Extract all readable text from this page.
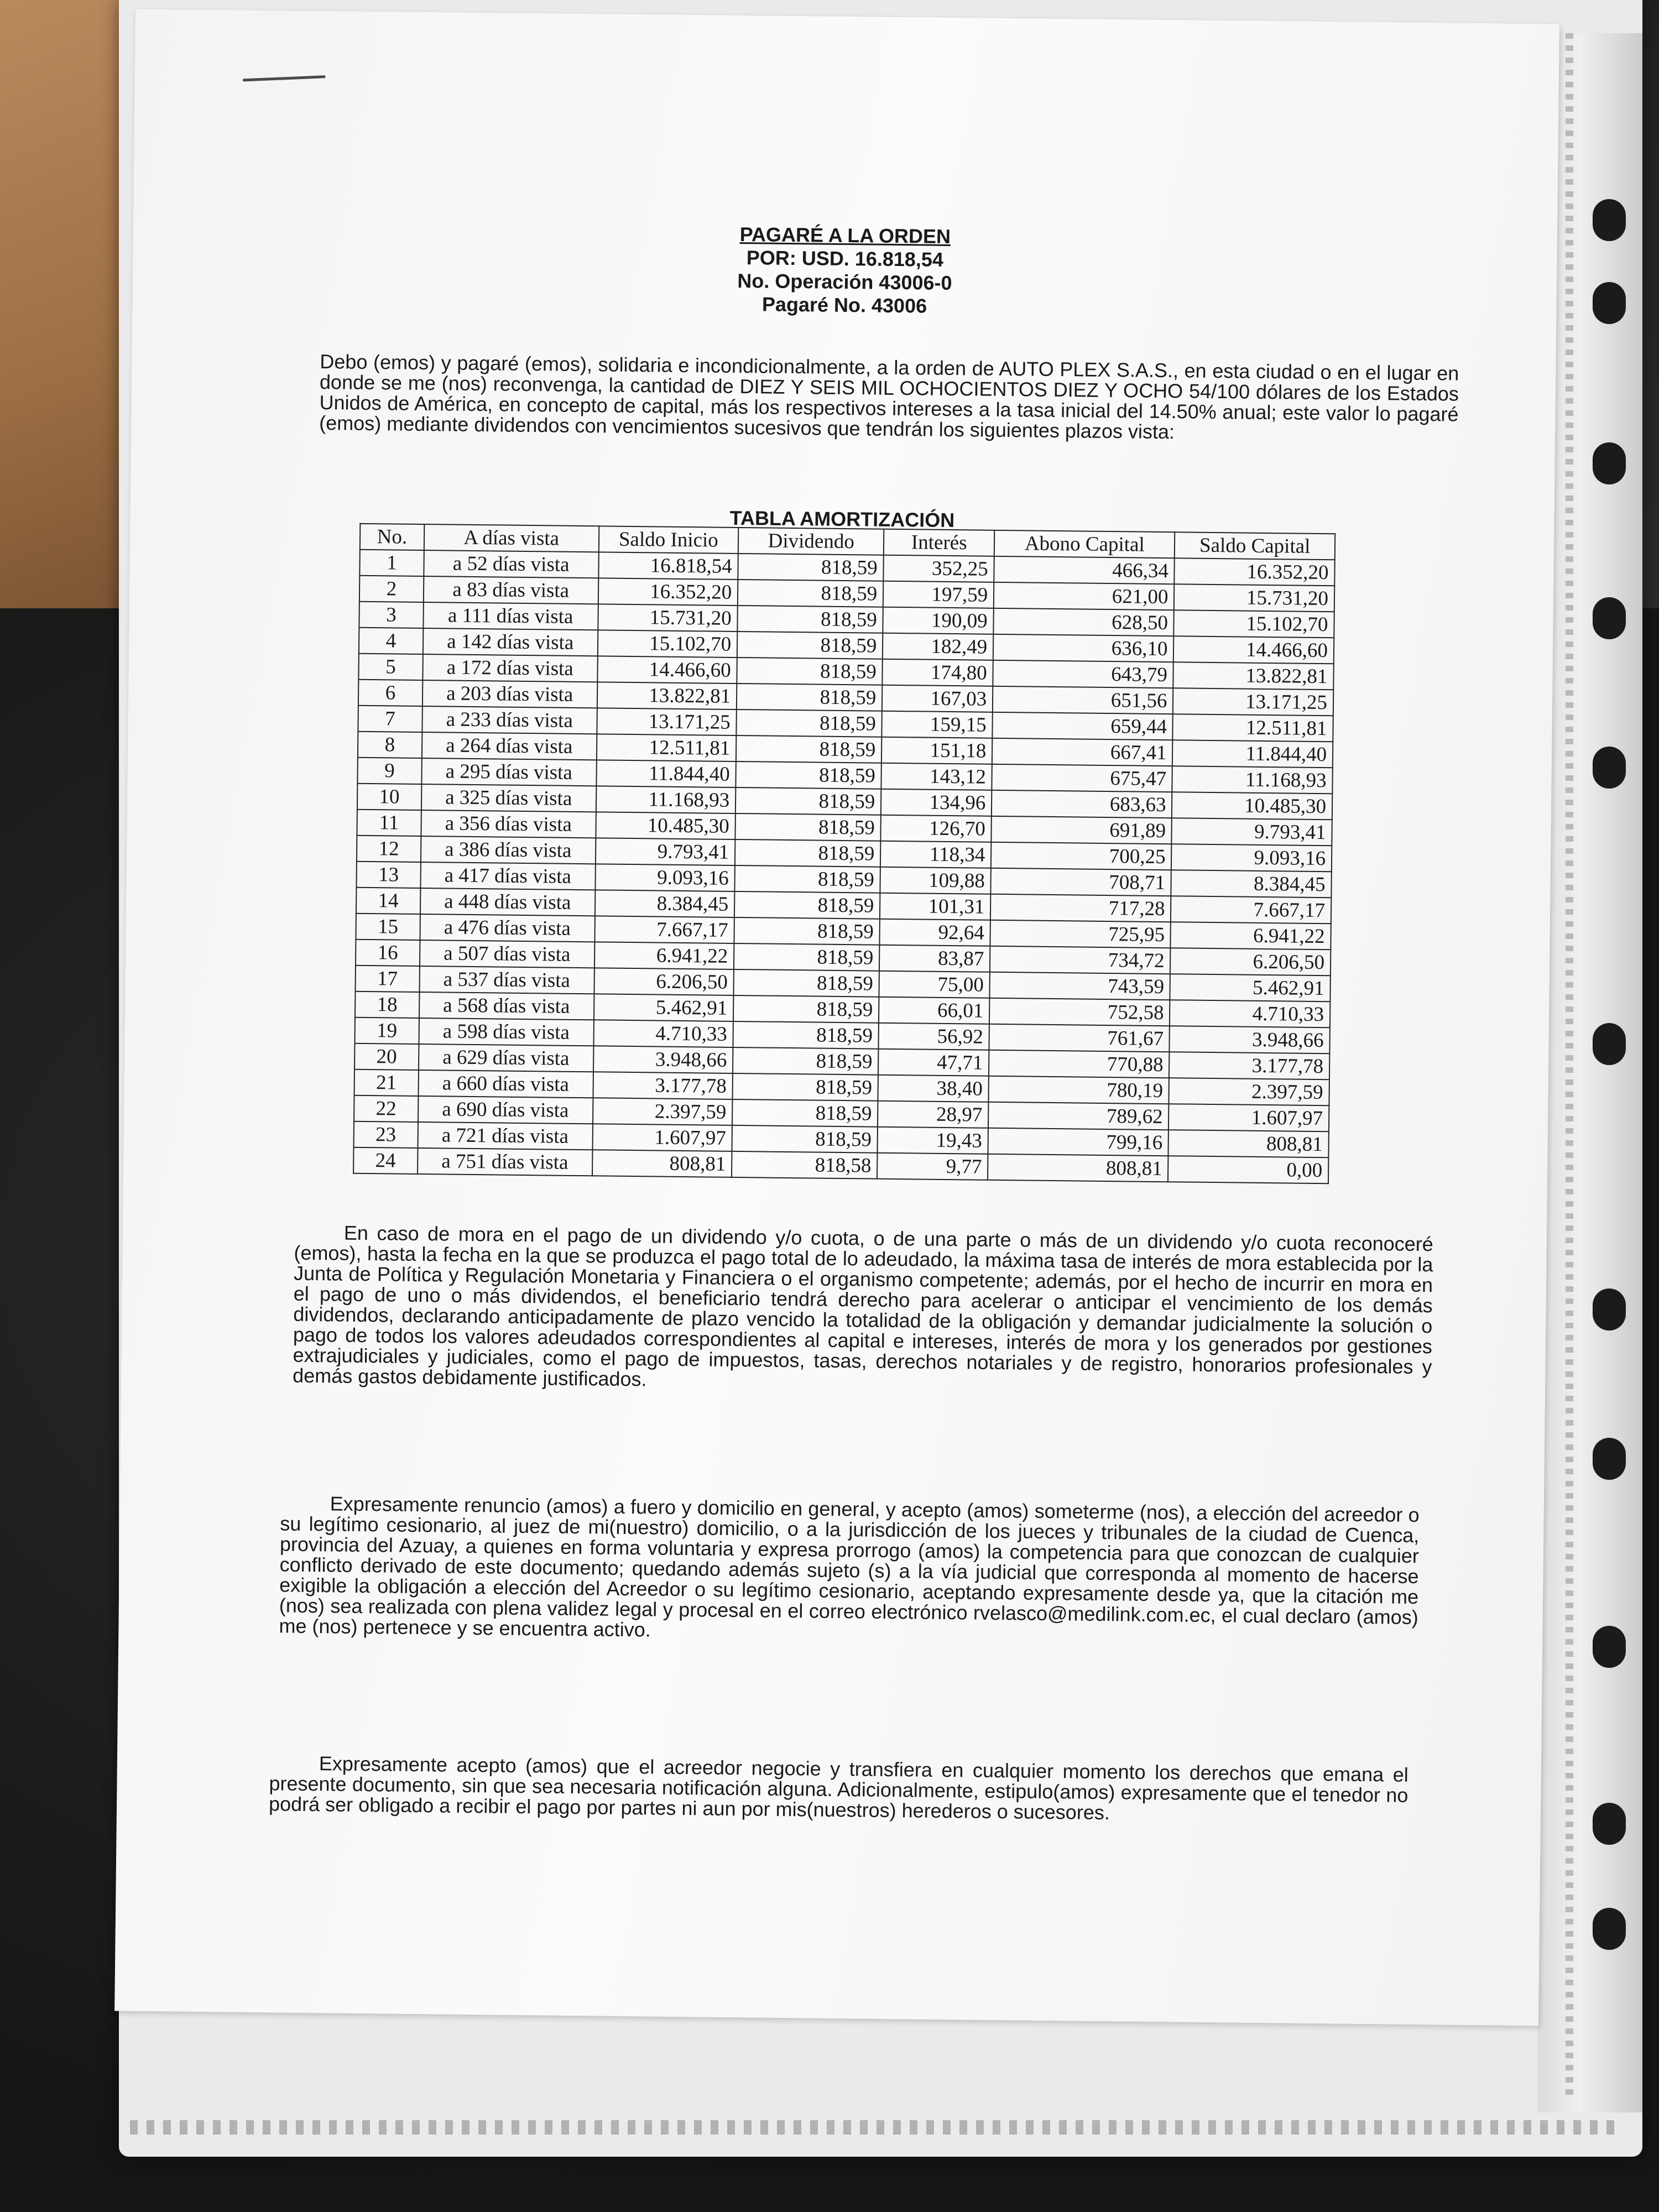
PAGARÉ A LA ORDEN
POR: USD. 16.818,54
No. Operación 43006-0
Pagaré No. 43006

Debo (emos) y pagaré (emos), solidaria e incondicionalmente, a la orden de AUTO PLEX S.A.S., en esta ciudad o en el lugar en donde se me (nos) reconvenga, la cantidad de DIEZ Y SEIS MIL OCHOCIENTOS DIEZ Y OCHO 54/100 dólares de los Estados Unidos de América, en concepto de capital, más los respectivos intereses a la tasa inicial del 14.50% anual; este valor lo pagaré (emos) mediante dividendos con vencimientos sucesivos que tendrán los siguientes plazos vista:

TABLA AMORTIZACIÓN
No.	A días vista	Saldo Inicio	Dividendo	Interés	Abono Capital	Saldo Capital
1	a 52 días vista	16.818,54	818,59	352,25	466,34	16.352,20
2	a 83 días vista	16.352,20	818,59	197,59	621,00	15.731,20
3	a 111 días vista	15.731,20	818,59	190,09	628,50	15.102,70
4	a 142 días vista	15.102,70	818,59	182,49	636,10	14.466,60
5	a 172 días vista	14.466,60	818,59	174,80	643,79	13.822,81
6	a 203 días vista	13.822,81	818,59	167,03	651,56	13.171,25
7	a 233 días vista	13.171,25	818,59	159,15	659,44	12.511,81
8	a 264 días vista	12.511,81	818,59	151,18	667,41	11.844,40
9	a 295 días vista	11.844,40	818,59	143,12	675,47	11.168,93
10	a 325 días vista	11.168,93	818,59	134,96	683,63	10.485,30
11	a 356 días vista	10.485,30	818,59	126,70	691,89	9.793,41
12	a 386 días vista	9.793,41	818,59	118,34	700,25	9.093,16
13	a 417 días vista	9.093,16	818,59	109,88	708,71	8.384,45
14	a 448 días vista	8.384,45	818,59	101,31	717,28	7.667,17
15	a 476 días vista	7.667,17	818,59	92,64	725,95	6.941,22
16	a 507 días vista	6.941,22	818,59	83,87	734,72	6.206,50
17	a 537 días vista	6.206,50	818,59	75,00	743,59	5.462,91
18	a 568 días vista	5.462,91	818,59	66,01	752,58	4.710,33
19	a 598 días vista	4.710,33	818,59	56,92	761,67	3.948,66
20	a 629 días vista	3.948,66	818,59	47,71	770,88	3.177,78
21	a 660 días vista	3.177,78	818,59	38,40	780,19	2.397,59
22	a 690 días vista	2.397,59	818,59	28,97	789,62	1.607,97
23	a 721 días vista	1.607,97	818,59	19,43	799,16	808,81
24	a 751 días vista	808,81	818,58	9,77	808,81	0,00

En caso de mora en el pago de un dividendo y/o cuota, o de una parte o más de un dividendo y/o cuota reconoceré (emos), hasta la fecha en la que se produzca el pago total de lo adeudado, la máxima tasa de interés de mora establecida por la Junta de Política y Regulación Monetaria y Financiera o el organismo competente; además, por el hecho de incurrir en mora en el pago de uno o más dividendos, el beneficiario tendrá derecho para acelerar o anticipar el vencimiento de los demás dividendos, declarando anticipadamente de plazo vencido la totalidad de la obligación y demandar judicialmente la solución o pago de todos los valores adeudados correspondientes al capital e intereses, interés de mora y los generados por gestiones extrajudiciales y judiciales, como el pago de impuestos, tasas, derechos notariales y de registro, honorarios profesionales y demás gastos debidamente justificados.

Expresamente renuncio (amos) a fuero y domicilio en general, y acepto (amos) someterme (nos), a elección del acreedor o su legítimo cesionario, al juez de mi(nuestro) domicilio, o a la jurisdicción de los jueces y tribunales de la ciudad de Cuenca, provincia del Azuay, a quienes en forma voluntaria y expresa prorrogo (amos) la competencia para que conozcan de cualquier conflicto derivado de este documento; quedando además sujeto (s) a la vía judicial que corresponda al momento de hacerse exigible la obligación a elección del Acreedor o su legítimo cesionario, aceptando expresamente desde ya, que la citación me (nos) sea realizada con plena validez legal y procesal en el correo electrónico rvelasco@medilink.com.ec, el cual declaro (amos) me (nos) pertenece y se encuentra activo.

Expresamente acepto (amos) que el acreedor negocie y transfiera en cualquier momento los derechos que emana el presente documento, sin que sea necesaria notificación alguna. Adicionalmente, estipulo(amos) expresamente que el tenedor no podrá ser obligado a recibir el pago por partes ni aun por mis(nuestros) herederos o sucesores.
